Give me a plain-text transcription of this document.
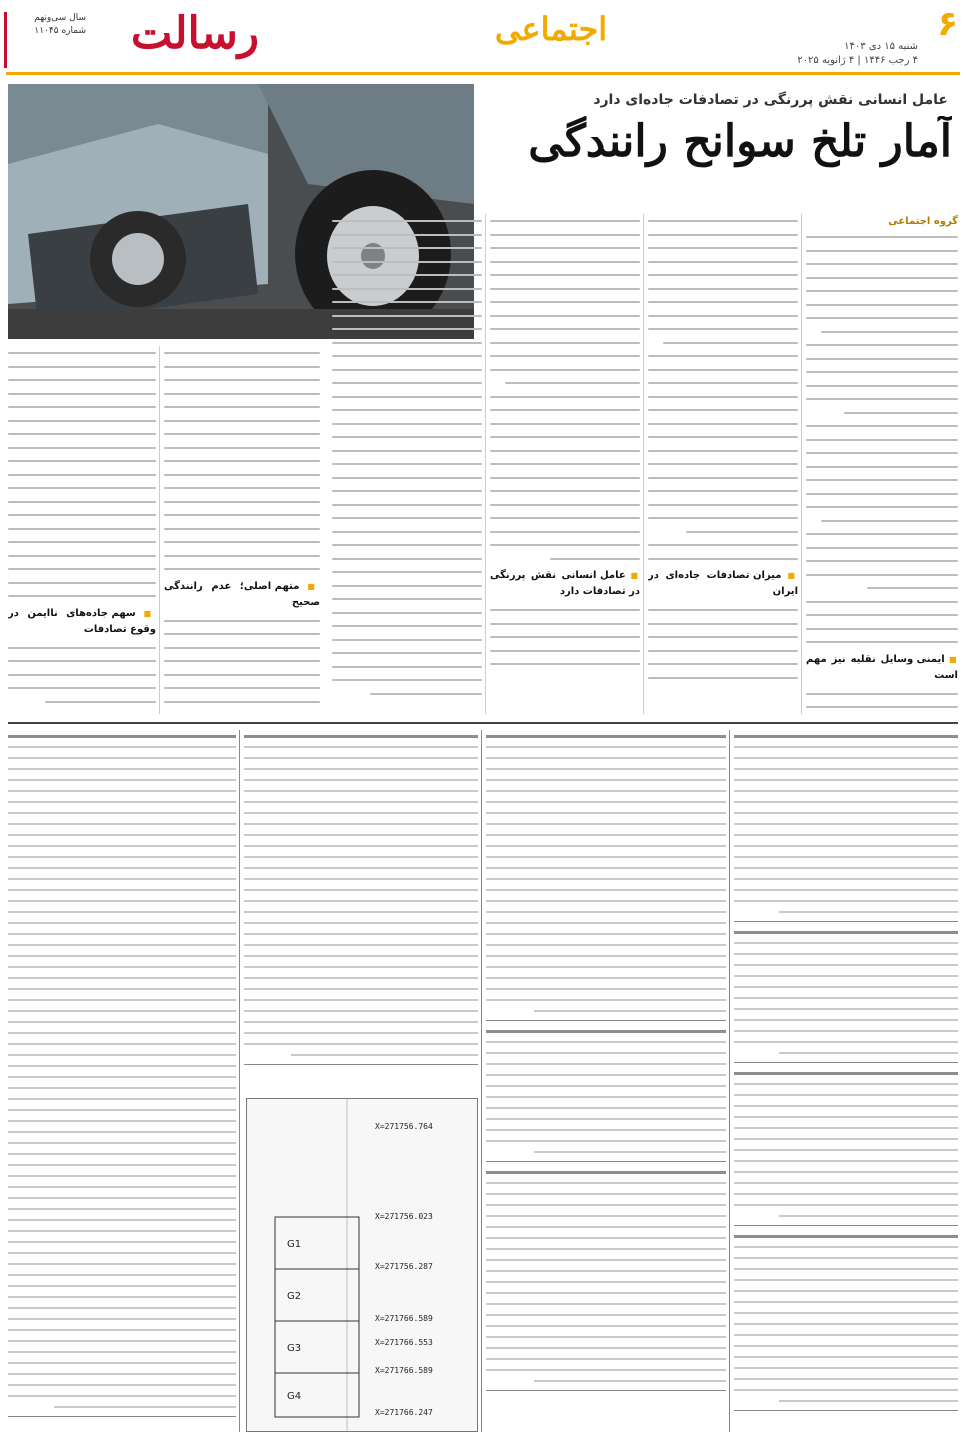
۶
شنبه ۱۵ دی ۱۴۰۳
۴ رجب ۱۴۴۶ | ۴ ژانویه ۲۰۲۵
اجتماعی
رسالت
سال سی‌ونهم
شماره ۱۱۰۴۵
عامل انسانی نقش پررنگی در تصادفات جاده‌ای دارد
آمار تلخ سوانح رانندگی
گروه اجتماعی
■ ایمنی وسایل نقلیه نیز مهم است
■ میزان تصادفات جاده‌ای در ایران
■ عامل انسانی نقش پررنگی در تصادفات دارد
■ متهم اصلی؛ عدم رانندگی صحیح
■ سهم جاده‌های ناایمن در وقوع تصادفات
G1
G2
G3
G4
X=271756.764
X=271756.023
X=271756.287
X=271766.589
X=271766.553
X=271766.589
X=271766.247
